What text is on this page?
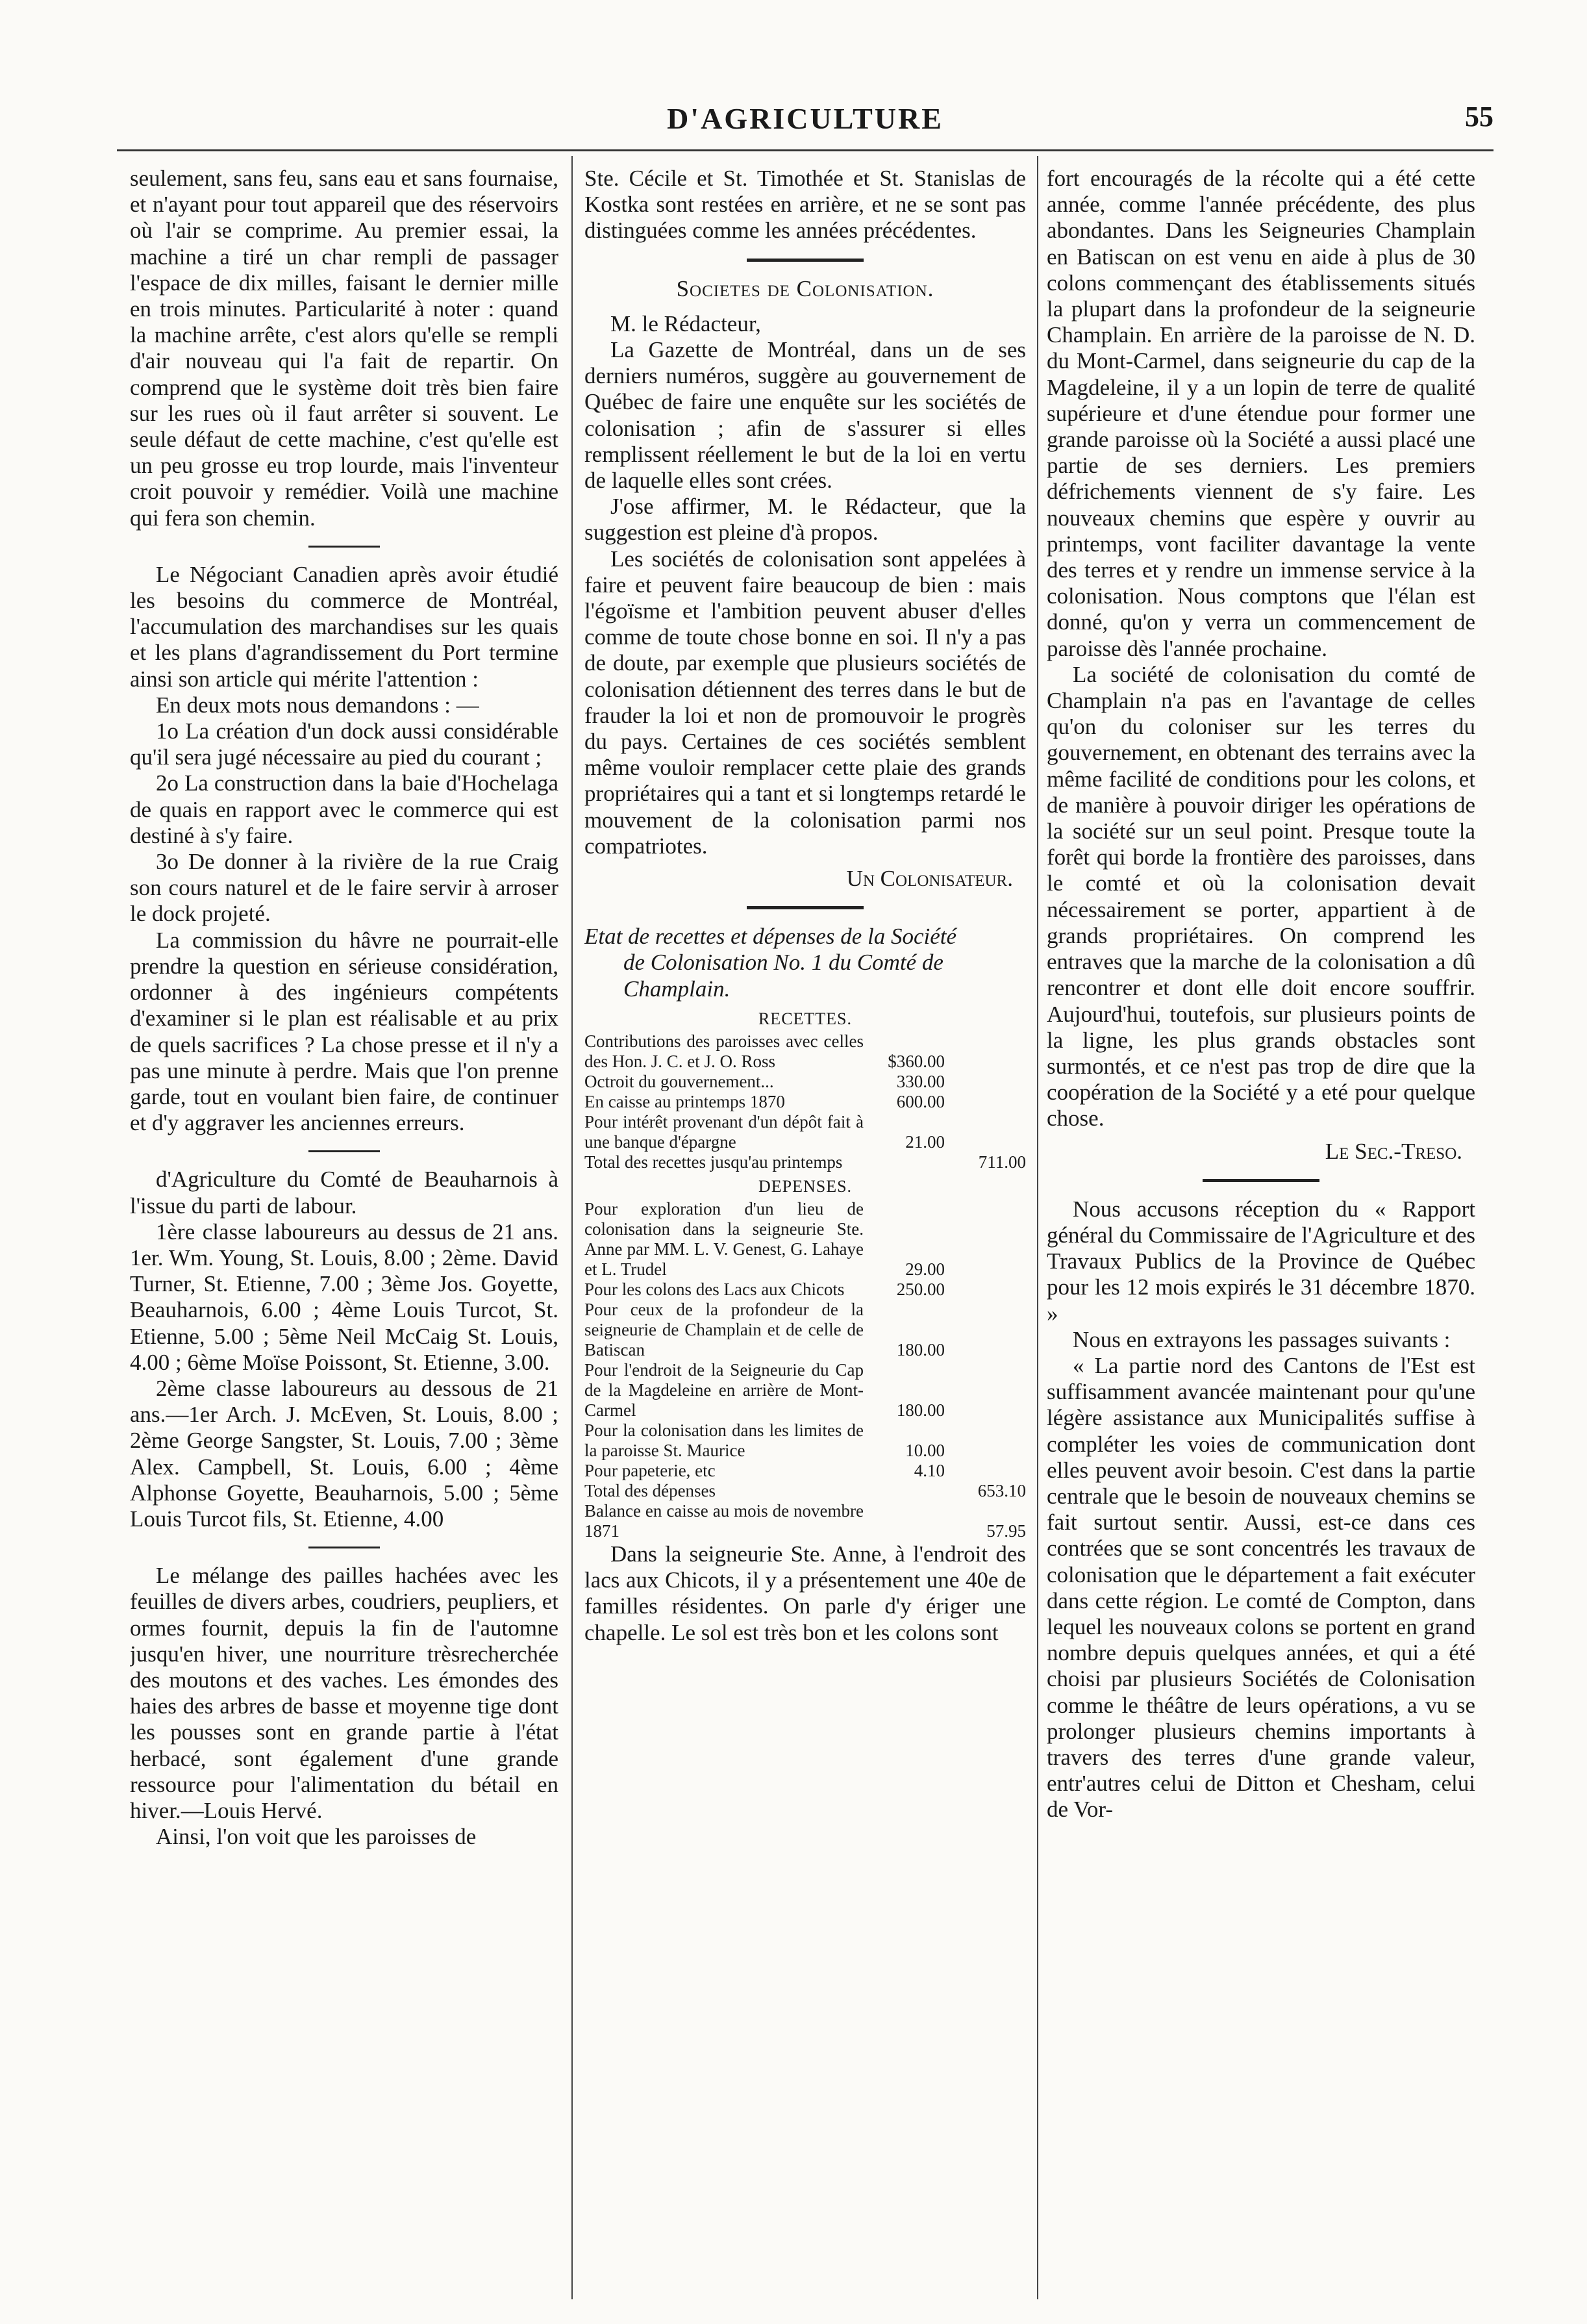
D'AGRICULTURE	55

seulement, sans feu, sans eau et sans fournaise, et n'ayant pour tout appareil que des réservoirs où l'air se comprime. Au premier essai, la machine a tiré un char rempli de passager l'espace de dix milles, faisant le dernier mille en trois minutes. Particularité à noter : quand la machine arrête, c'est alors qu'elle se rempli d'air nouveau qui l'a fait de repartir. On comprend que le système doit très bien faire sur les rues où il faut arrêter si souvent. Le seule défaut de cette machine, c'est qu'elle est un peu grosse eu trop lourde, mais l'inventeur croit pouvoir y remédier. Voilà une machine qui fera son chemin.

Le Négociant Canadien après avoir étudié les besoins du commerce de Montréal, l'accumulation des marchandises sur les quais et les plans d'agrandissement du Port termine ainsi son article qui mérite l'attention :

En deux mots nous demandons : —

1o La création d'un dock aussi considérable qu'il sera jugé nécessaire au pied du courant ;

2o La construction dans la baie d'Hochelaga de quais en rapport avec le commerce qui est destiné à s'y faire.

3o De donner à la rivière de la rue Craig son cours naturel et de le faire servir à arroser le dock projeté.

La commission du hâvre ne pourrait-elle prendre la question en sérieuse considération, ordonner à des ingénieurs compétents d'examiner si le plan est réalisable et au prix de quels sacrifices ? La chose presse et il n'y a pas une minute à perdre. Mais que l'on prenne garde, tout en voulant bien faire, de continuer et d'y aggraver les anciennes erreurs.

d'Agriculture du Comté de Beauharnois à l'issue du parti de labour.

1ère classe laboureurs au dessus de 21 ans. 1er. Wm. Young, St. Louis, 8.00 ; 2ème. David Turner, St. Etienne, 7.00 ; 3ème Jos. Goyette, Beauharnois, 6.00 ; 4ème Louis Turcot, St. Etienne, 5.00 ; 5ème Neil McCaig St. Louis, 4.00 ; 6ème Moïse Poissont, St. Etienne, 3.00.

2ème classe laboureurs au dessous de 21 ans.—1er Arch. J. McEven, St. Louis, 8.00 ; 2ème George Sangster, St. Louis, 7.00 ; 3ème Alex. Campbell, St. Louis, 6.00 ; 4ème Alphonse Goyette, Beauharnois, 5.00 ; 5ème Louis Turcot fils, St. Etienne, 4.00

Le mélange des pailles hachées avec les feuilles de divers arbes, coudriers, peupliers, et ormes fournit, depuis la fin de l'automne jusqu'en hiver, une nourriture trèsrecherchée des moutons et des vaches. Les émondes des haies des arbres de basse et moyenne tige dont les pousses sont en grande partie à l'état herbacé, sont également d'une grande ressource pour l'alimentation du bétail en hiver.—Louis Hervé.

Ainsi, l'on voit que les paroisses de

Ste. Cécile et St. Timothée et St. Stanislas de Kostka sont restées en arrière, et ne se sont pas distinguées comme les années précédentes.

Societes de Colonisation.

M. le Rédacteur,

La Gazette de Montréal, dans un de ses derniers numéros, suggère au gouvernement de Québec de faire une enquête sur les sociétés de colonisation ; afin de s'assurer si elles remplissent réellement le but de la loi en vertu de laquelle elles sont crées.

J'ose affirmer, M. le Rédacteur, que la suggestion est pleine d'à propos.

Les sociétés de colonisation sont appelées à faire et peuvent faire beaucoup de bien : mais l'égoïsme et l'ambition peuvent abuser d'elles comme de toute chose bonne en soi. Il n'y a pas de doute, par exemple que plusieurs sociétés de colonisation détiennent des terres dans le but de frauder la loi et non de promouvoir le progrès du pays. Certaines de ces sociétés semblent même vouloir remplacer cette plaie des grands propriétaires qui a tant et si longtemps retardé le mouvement de la colonisation parmi nos compatriotes.

Un Colonisateur.

Etat de recettes et dépenses de la Société
de Colonisation No. 1 du Comté de Champlain.

RECETTES.
Contributions des paroisses avec celles des Hon. J. C. et J. O. Ross	$360.00
Octroit du gouvernement...	330.00
En caisse au printemps 1870	600.00
Pour intérêt provenant d'un dépôt fait à une banque d'épargne	21.00
Total des recettes jusqu'au printemps	711.00
DEPENSES.
Pour exploration d'un lieu de colonisation dans la seigneurie Ste. Anne par MM. L. V. Genest, G. Lahaye et L. Trudel	29.00
Pour les colons des Lacs aux Chicots	250.00
Pour ceux de la profondeur de la seigneurie de Champlain et de celle de Batiscan	180.00
Pour l'endroit de la Seigneurie du Cap de la Magdeleine en arrière de Mont-Carmel	180.00
Pour la colonisation dans les limites de la paroisse St. Maurice	10.00
Pour papeterie, etc	4.10
Total des dépenses	653.10
Balance en caisse au mois de novembre 1871	57.95

Dans la seigneurie Ste. Anne, à l'endroit des lacs aux Chicots, il y a présentement une 40e de familles résidentes. On parle d'y ériger une chapelle. Le sol est très bon et les colons sont

fort encouragés de la récolte qui a été cette année, comme l'année précédente, des plus abondantes. Dans les Seigneuries Champlain en Batiscan on est venu en aide à plus de 30 colons commençant des établissements situés la plupart dans la profondeur de la seigneurie Champlain. En arrière de la paroisse de N. D. du Mont-Carmel, dans seigneurie du cap de la Magdeleine, il y a un lopin de terre de qualité supérieure et d'une étendue pour former une grande paroisse où la Société a aussi placé une partie de ses derniers. Les premiers défrichements viennent de s'y faire. Les nouveaux chemins que espère y ouvrir au printemps, vont faciliter davantage la vente des terres et y rendre un immense service à la colonisation. Nous comptons que l'élan est donné, qu'on y verra un commencement de paroisse dès l'année prochaine.

La société de colonisation du comté de Champlain n'a pas en l'avantage de celles qu'on du coloniser sur les terres du gouvernement, en obtenant des terrains avec la même facilité de conditions pour les colons, et de manière à pouvoir diriger les opérations de la société sur un seul point. Presque toute la forêt qui borde la frontière des paroisses, dans le comté et où la colonisation devait nécessairement se porter, appartient à de grands propriétaires. On comprend les entraves que la marche de la colonisation a dû rencontrer et dont elle doit encore souffrir. Aujourd'hui, toutefois, sur plusieurs points de la ligne, les plus grands obstacles sont surmontés, et ce n'est pas trop de dire que la coopération de la Société y a eté pour quelque chose.

Le Sec.-Treso.

Nous accusons réception du « Rapport général du Commissaire de l'Agriculture et des Travaux Publics de la Province de Québec pour les 12 mois expirés le 31 décembre 1870. »

Nous en extrayons les passages suivants :

« La partie nord des Cantons de l'Est est suffisamment avancée maintenant pour qu'une légère assistance aux Municipalités suffise à compléter les voies de communication dont elles peuvent avoir besoin. C'est dans la partie centrale que le besoin de nouveaux chemins se fait surtout sentir. Aussi, est-ce dans ces contrées que se sont concentrés les travaux de colonisation que le département a fait exécuter dans cette région. Le comté de Compton, dans lequel les nouveaux colons se portent en grand nombre depuis quelques années, et qui a été choisi par plusieurs Sociétés de Colonisation comme le théâtre de leurs opérations, a vu se prolonger plusieurs chemins importants à travers des terres d'une grande valeur, entr'autres celui de Ditton et Chesham, celui de Vor-
